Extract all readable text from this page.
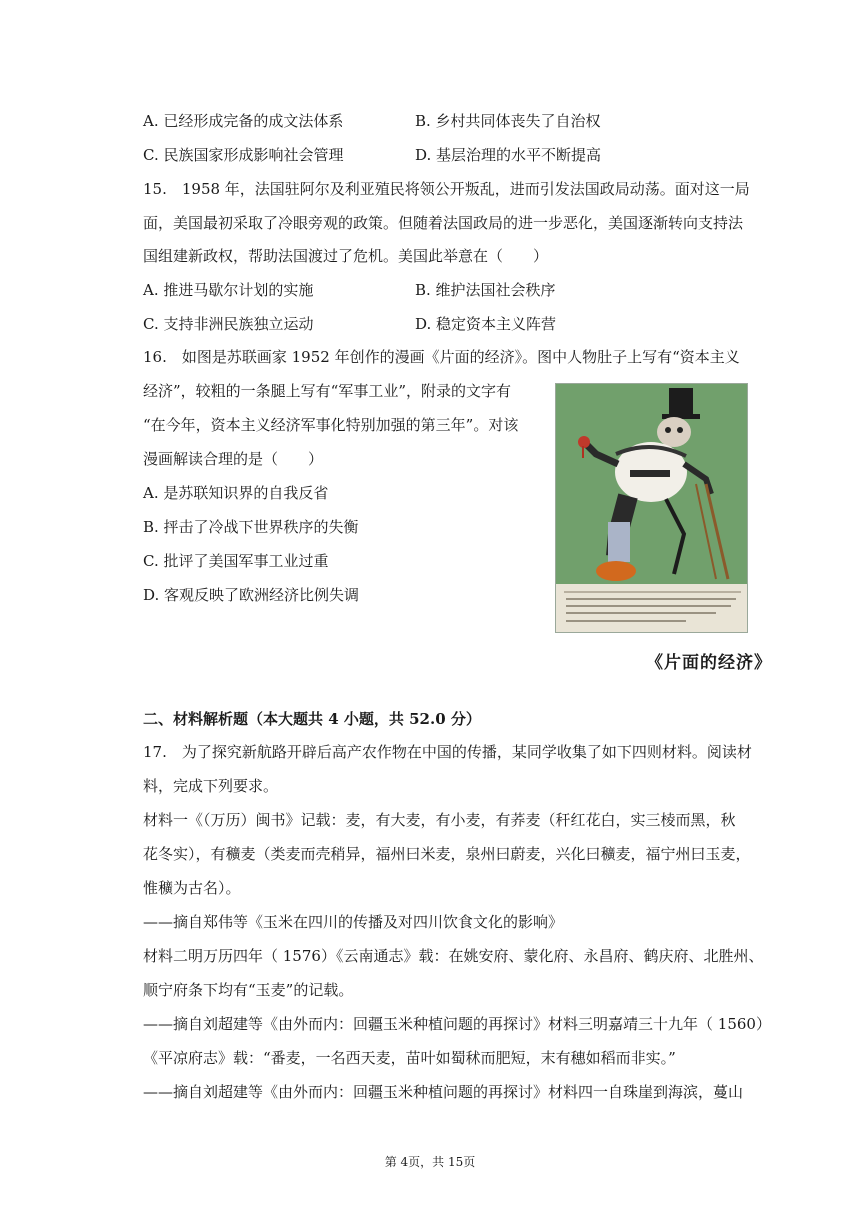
A. 已经形成完备的成文法体系	B. 乡村共同体丧失了自治权
C. 民族国家形成影响社会管理	D. 基层治理的水平不断提高
15.　1958 年，法国驻阿尔及利亚殖民将领公开叛乱，进而引发法国政局动荡。面对这一局
面，美国最初采取了冷眼旁观的政策。但随着法国政局的进一步恶化，美国逐渐转向支持法
国组建新政权，帮助法国渡过了危机。美国此举意在（　　）
A. 推进马歇尔计划的实施	B. 维护法国社会秩序
C. 支持非洲民族独立运动	D. 稳定资本主义阵营
16.　如图是苏联画家 1952 年创作的漫画《片面的经济》。图中人物肚子上写有“资本主义
经济”，较粗的一条腿上写有“军事工业”，附录的文字有
“在今年，资本主义经济军事化特别加强的第三年”。对该
漫画解读合理的是（　　）
A. 是苏联知识界的自我反省
B. 抨击了冷战下世界秩序的失衡
C. 批评了美国军事工业过重
D. 客观反映了欧洲经济比例失调
《片面的经济》
二、材料解析题（本大题共 4 小题，共 52.0 分）
17.　为了探究新航路开辟后高产农作物在中国的传播，某同学收集了如下四则材料。阅读材
料，完成下列要求。
材料一《（万历）闽书》记载：麦，有大麦，有小麦，有荞麦（秆红花白，实三棱而黑，秋
花冬实），有穬麦（类麦而壳稍异，福州曰米麦，泉州曰蔚麦，兴化曰穬麦，福宁州曰玉麦，
惟穬为古名）。
——摘自郑伟等《玉米在四川的传播及对四川饮食文化的影响》
材料二明万历四年（ 1576）《云南通志》载：在姚安府、蒙化府、永昌府、鹤庆府、北胜州、
顺宁府条下均有“玉麦”的记载。
——摘自刘超建等《由外而内：回疆玉米种植问题的再探讨》材料三明嘉靖三十九年（ 1560）
《平凉府志》载：“番麦，一名西天麦，苗叶如蜀秫而肥短，末有穗如稻而非实。”
——摘自刘超建等《由外而内：回疆玉米种植问题的再探讨》材料四一自珠崖到海滨，蔓山
第 4页，共 15页
